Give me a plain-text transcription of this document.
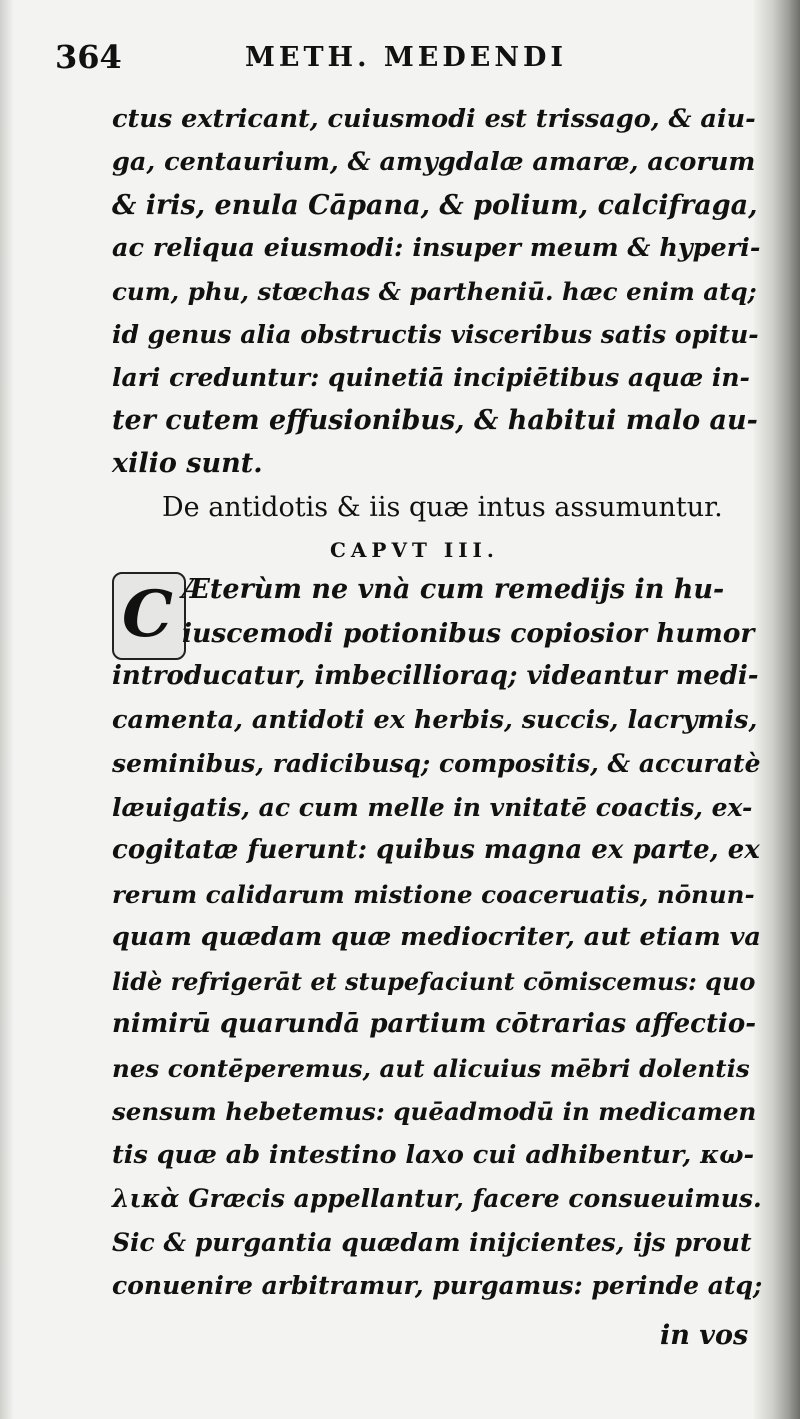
364	METH. MEDENDI
ctus extricant, cuiusmodi est trissago, & aiu-
ga, centaurium, & amygdalæ amaræ, acorum
& iris, enula Cāpana, & polium, calcifraga,
ac reliqua eiusmodi: insuper meum & hyperi-
cum, phu, stœchas & partheniū. hæc enim atq;
id genus alia obstructis visceribus satis opitu-
lari creduntur: quinetiā incipiētibus aquæ in-
ter cutem effusionibus, & habitui malo au-
xilio sunt.
De antidotis & iis quæ intus assumuntur.
CAPVT III.
C Æterùm ne vnà cum remedijs in hu-
iuscemodi potionibus copiosior humor
introducatur, imbecilliorаq; videantur medi-
camenta, antidoti ex herbis, succis, lacrymis,
seminibus, radicibusq; compositis, & accuratè
læuigatis, ac cum melle in vnitatē coactis, ex-
cogitatæ fuerunt: quibus magna ex parte, ex
rerum calidarum mistione coaceruatis, nōnun-
quam quædam quæ mediocriter, aut etiam va
lidè refrigerāt et stupefaciunt cōmiscemus: quo
nimirū quarundā partium cōtrarias affectio-
nes contēperemus, aut alicuius mēbri dolentis
sensum hebetemus: quēadmodū in medicamen
tis quæ ab intestino laxo cui adhibentur, κω-
λικὰ Græcis appellantur, facere consueuimus.
Sic & purgantia quædam inijcientes, ijs prout
conuenire arbitramur, purgamus: perinde atq;
in vos
